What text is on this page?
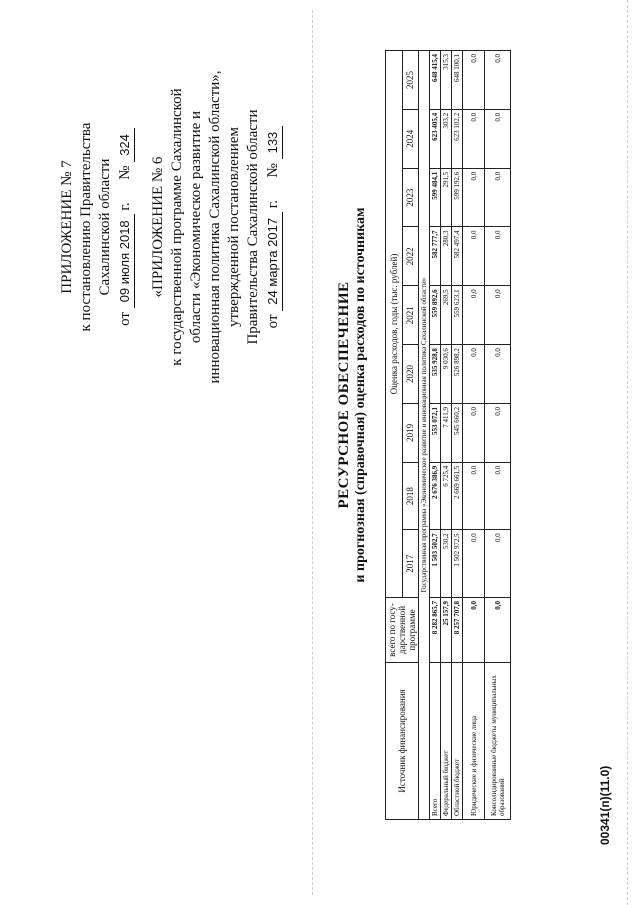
ПРИЛОЖЕНИЕ № 7 к постановлению Правительства Сахалинской области
от 09 июля 2018 г.      № 324
«ПРИЛОЖЕНИЕ № 6 к государственной программе Сахалинской области «Экономическое развитие и инновационная политика Сахалинской области», утвержденной постановлением Правительства Сахалинской области от 24 марта 2017 г.      № 133
РЕСУРСНОЕ ОБЕСПЕЧЕНИЕ и прогнозная (справочная) оценка расходов по источникам
Источник финансирования	всего по госу-дарственной программе	Оценка расходов, годы (тыс. рублей)								
		2017	2018	2019	2020	2021	2022	2023	2024	2025
Государственная программа «Экономическое развитие и инновационная политика Сахалинской области»										
Всего	8 282 865,7	1 503 502,7	2 676 386,9	553 072,1	535 928,8	559 892,6	582 777,7	599 484,1	623 405,4	648 415,4
Федеральный бюджет	25 157,9	530,2	6 725,4	7 411,9	9 030,6	269,5	280,3	291,5	303,2	315,3
Областной бюджет	8 257 707,8	1 502 972,5	2 669 661,5	545 660,2	526 898,2	559 623,1	582 497,4	599 192,6	623 102,2	648 100,1
Юридические и физические лица	0,0	0,0	0,0	0,0	0,0	0,0	0,0	0,0	0,0	0,0
Консолидированные бюджеты муниципальных образований	0,0	0,0	0,0	0,0	0,0	0,0	0,0	0,0	0,0	0,0
00341(п)(11.0)
